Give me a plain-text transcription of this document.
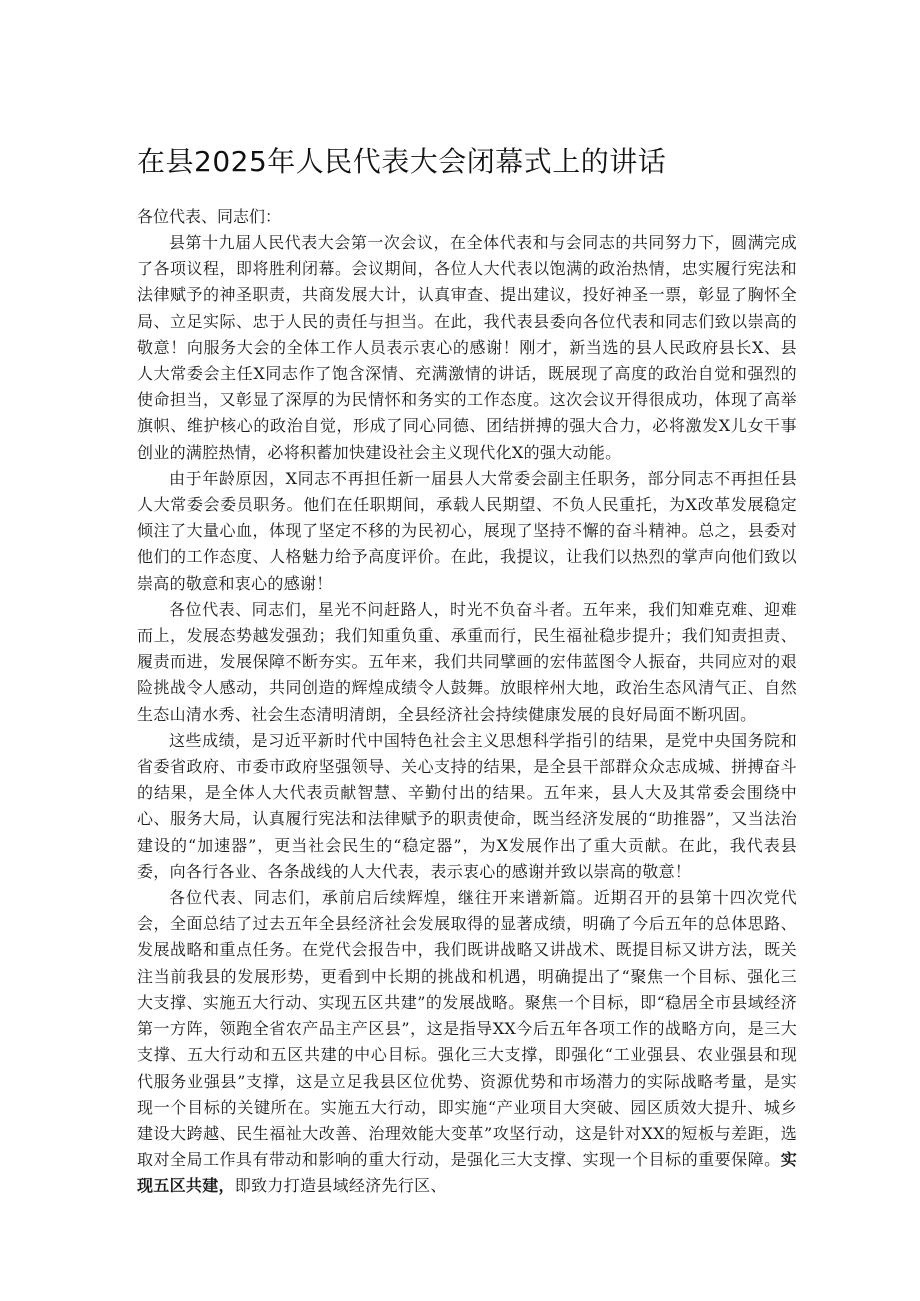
在县2025年人民代表大会闭幕式上的讲话

各位代表、同志们：

县第十九届人民代表大会第一次会议，在全体代表和与会同志的共同努力下，圆满完成了各项议程，即将胜利闭幕。会议期间，各位人大代表以饱满的政治热情，忠实履行宪法和法律赋予的神圣职责，共商发展大计，认真审查、提出建议，投好神圣一票，彰显了胸怀全局、立足实际、忠于人民的责任与担当。在此，我代表县委向各位代表和同志们致以崇高的敬意！向服务大会的全体工作人员表示衷心的感谢！刚才，新当选的县人民政府县长X、县人大常委会主任X同志作了饱含深情、充满激情的讲话，既展现了高度的政治自觉和强烈的使命担当，又彰显了深厚的为民情怀和务实的工作态度。这次会议开得很成功，体现了高举旗帜、维护核心的政治自觉，形成了同心同德、团结拼搏的强大合力，必将激发X儿女干事创业的满腔热情，必将积蓄加快建设社会主义现代化X的强大动能。

由于年龄原因，X同志不再担任新一届县人大常委会副主任职务，部分同志不再担任县人大常委会委员职务。他们在任职期间，承载人民期望、不负人民重托，为X改革发展稳定倾注了大量心血，体现了坚定不移的为民初心，展现了坚持不懈的奋斗精神。总之，县委对他们的工作态度、人格魅力给予高度评价。在此，我提议，让我们以热烈的掌声向他们致以崇高的敬意和衷心的感谢！

各位代表、同志们，星光不问赶路人，时光不负奋斗者。五年来，我们知难克难、迎难而上，发展态势越发强劲；我们知重负重、承重而行，民生福祉稳步提升；我们知责担责、履责而进，发展保障不断夯实。五年来，我们共同擘画的宏伟蓝图令人振奋，共同应对的艰险挑战令人感动，共同创造的辉煌成绩令人鼓舞。放眼梓州大地，政治生态风清气正、自然生态山清水秀、社会生态清明清朗，全县经济社会持续健康发展的良好局面不断巩固。

这些成绩，是习近平新时代中国特色社会主义思想科学指引的结果，是党中央国务院和省委省政府、市委市政府坚强领导、关心支持的结果，是全县干部群众众志成城、拼搏奋斗的结果，是全体人大代表贡献智慧、辛勤付出的结果。五年来，县人大及其常委会围绕中心、服务大局，认真履行宪法和法律赋予的职责使命，既当经济发展的“助推器”，又当法治建设的“加速器”，更当社会民生的“稳定器”，为X发展作出了重大贡献。在此，我代表县委，向各行各业、各条战线的人大代表，表示衷心的感谢并致以崇高的敬意！

各位代表、同志们，承前启后续辉煌，继往开来谱新篇。近期召开的县第十四次党代会，全面总结了过去五年全县经济社会发展取得的显著成绩，明确了今后五年的总体思路、发展战略和重点任务。在党代会报告中，我们既讲战略又讲战术、既提目标又讲方法，既关注当前我县的发展形势，更看到中长期的挑战和机遇，明确提出了“聚焦一个目标、强化三大支撑、实施五大行动、实现五区共建”的发展战略。聚焦一个目标，即“稳居全市县域经济第一方阵，领跑全省农产品主产区县”，这是指导XX今后五年各项工作的战略方向，是三大支撑、五大行动和五区共建的中心目标。强化三大支撑，即强化“工业强县、农业强县和现代服务业强县”支撑，这是立足我县区位优势、资源优势和市场潜力的实际战略考量，是实现一个目标的关键所在。实施五大行动，即实施“产业项目大突破、园区质效大提升、城乡建设大跨越、民生福祉大改善、治理效能大变革”攻坚行动，这是针对XX的短板与差距，选取对全局工作具有带动和影响的重大行动，是强化三大支撑、实现一个目标的重要保障。实现五区共建，即致力打造县域经济先行区、
